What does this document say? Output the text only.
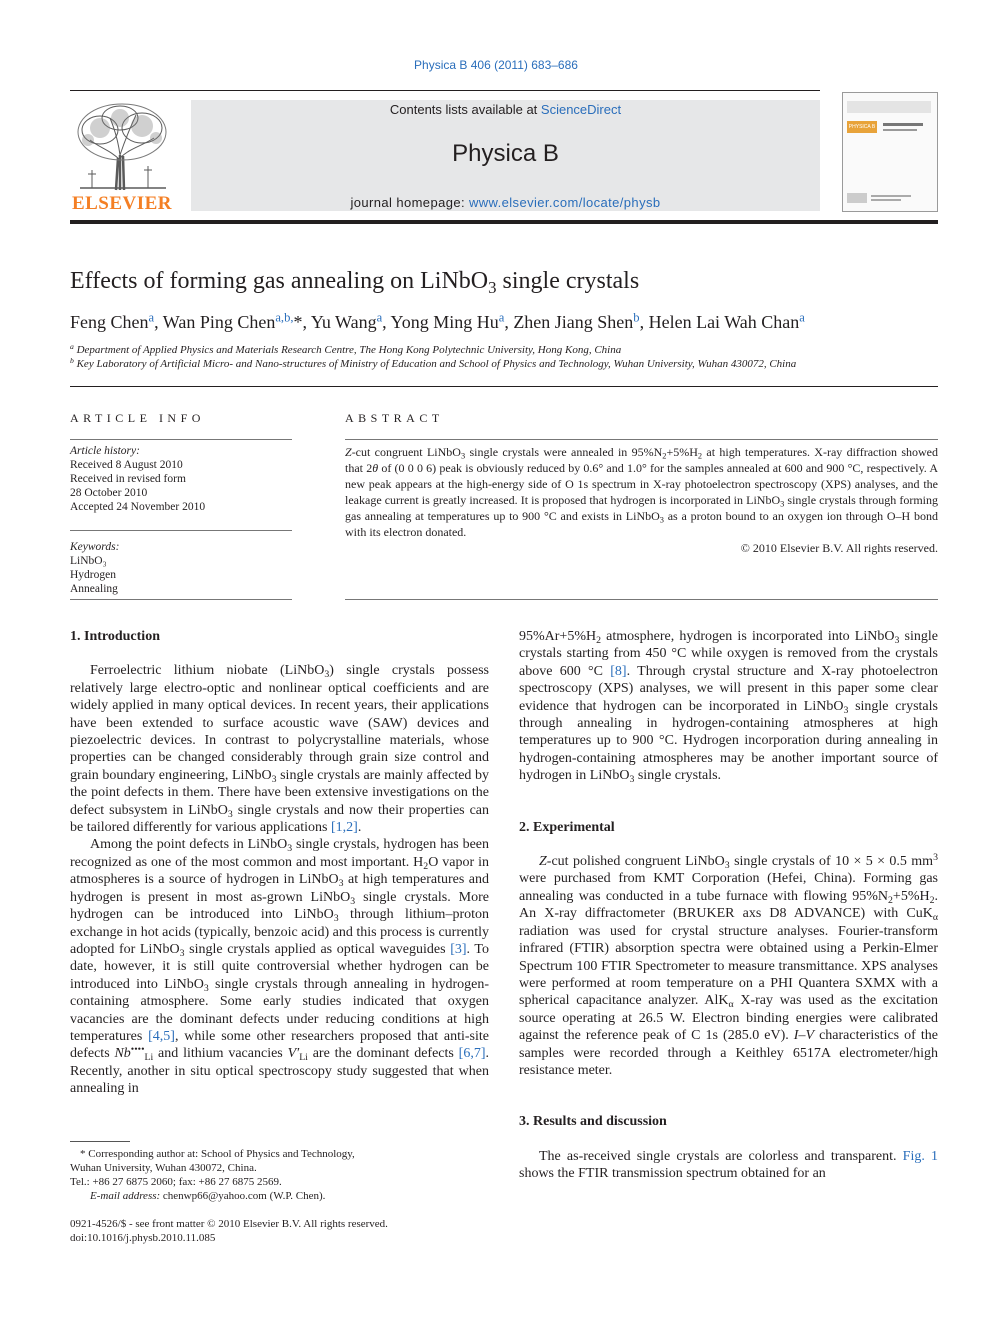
Physica B 406 (2011) 683–686
ELSEVIER
Contents lists available at ScienceDirect
Physica B
journal homepage: www.elsevier.com/locate/physb
PHYSICA B
Effects of forming gas annealing on LiNbO$_3$ single crystals
Feng Chen$^a$, Wan Ping Chen$^{a,b,}$*, Yu Wang$^a$, Yong Ming Hu$^a$, Zhen Jiang Shen$^b$, Helen Lai Wah Chan$^a$
$^a$ Department of Applied Physics and Materials Research Centre, The Hong Kong Polytechnic University, Hong Kong, China
$^b$ Key Laboratory of Artificial Micro- and Nano-structures of Ministry of Education and School of Physics and Technology, Wuhan University, Wuhan 430072, China
ARTICLE INFO
Article history:
Received 8 August 2010
Received in revised form
28 October 2010
Accepted 24 November 2010
Keywords:
LiNbO₃
Hydrogen
Annealing
ABSTRACT
Z-cut congruent LiNbO$_3$ single crystals were annealed in $95\%N_2+5\%H_2$ at high temperatures. X-ray diffraction showed that 2θ of (0 0 0 6) peak is obviously reduced by 0.6° and 1.0° for the samples annealed at 600 and 900 °C, respectively. A new peak appears at the high-energy side of O 1s spectrum in X-ray photoelectron spectroscopy (XPS) analyses, and the leakage current is greatly increased. It is proposed that hydrogen is incorporated in LiNbO$_3$ single crystals through forming gas annealing at temperatures up to 900 °C and exists in LiNbO$_3$ as a proton bound to an oxygen ion through O–H bond with its electron donated.
© 2010 Elsevier B.V. All rights reserved.

1. Introduction

Ferroelectric lithium niobate (LiNbO$_3$) single crystals possess relatively large electro-optic and nonlinear optical coefficients and are widely applied in many optical devices. In recent years, their applications have been extended to surface acoustic wave (SAW) devices and piezoelectric devices. In contrast to polycrystalline materials, whose properties can be changed considerably through grain size control and grain boundary engineering, LiNbO$_3$ single crystals are mainly affected by the point defects in them. There have been extensive investigations on the defect subsystem in LiNbO$_3$ single crystals and now their properties can be tailored differently for various applications [1,2].

Among the point defects in LiNbO$_3$ single crystals, hydrogen has been recognized as one of the most common and most important. $H_2O$ vapor in atmospheres is a source of hydrogen in LiNbO$_3$ at high temperatures and hydrogen is present in most as-grown LiNbO$_3$ single crystals. More hydrogen can be introduced into LiNbO$_3$ through lithium–proton exchange in hot acids (typically, benzoic acid) and this process is currently adopted for LiNbO$_3$ single crystals applied as optical waveguides [3]. To date, however, it is still quite controversial whether hydrogen can be introduced into LiNbO$_3$ single crystals through annealing in hydrogen-containing atmosphere. Some early studies indicated that oxygen vacancies are the dominant defects under reducing conditions at high temperatures [4,5], while some other researchers proposed that anti-site defects $Nb^{••••}_{Li}$ and lithium vacancies $V'_{Li}$ are the dominant defects [6,7]. Recently, another in situ optical spectroscopy study suggested that when annealing in

* Corresponding author at: School of Physics and Technology,
Wuhan University, Wuhan 430072, China.
Tel.: +86 27 6875 2060; fax: +86 27 6875 2569.
E-mail address: chenwp66@yahoo.com (W.P. Chen).
0921-4526/$ - see front matter © 2010 Elsevier B.V. All rights reserved.
doi:10.1016/j.physb.2010.11.085

$95\%Ar+5\%H_2$ atmosphere, hydrogen is incorporated into LiNbO$_3$ single crystals starting from 450 °C while oxygen is removed from the crystals above 600 °C [8]. Through crystal structure and X-ray photoelectron spectroscopy (XPS) analyses, we will present in this paper some clear evidence that hydrogen can be incorporated in LiNbO$_3$ single crystals through annealing in hydrogen-containing atmospheres at high temperatures up to 900 °C. Hydrogen incorporation during annealing in hydrogen-containing atmospheres may be another important source of hydrogen in LiNbO$_3$ single crystals.

2. Experimental

Z-cut polished congruent LiNbO$_3$ single crystals of 10 × 5 × 0.5 $mm^3$ were purchased from KMT Corporation (Hefei, China). Forming gas annealing was conducted in a tube furnace with flowing $95\%N_2+5\%H_2$. An X-ray diffractometer (BRUKER axs D8 ADVANCE) with CuK$_\alpha$ radiation was used for crystal structure analyses. Fourier-transform infrared (FTIR) absorption spectra were obtained using a Perkin-Elmer Spectrum 100 FTIR Spectrometer to measure transmittance. XPS analyses were performed at room temperature on a PHI Quantera SXMX with a spherical capacitance analyzer. AlK$_\alpha$ X-ray was used as the excitation source operating at 26.5 W. Electron binding energies were calibrated against the reference peak of C 1s (285.0 eV). I–V characteristics of the samples were recorded through a Keithley 6517A electrometer/high resistance meter.

3. Results and discussion

The as-received single crystals are colorless and transparent. Fig. 1 shows the FTIR transmission spectrum obtained for an
